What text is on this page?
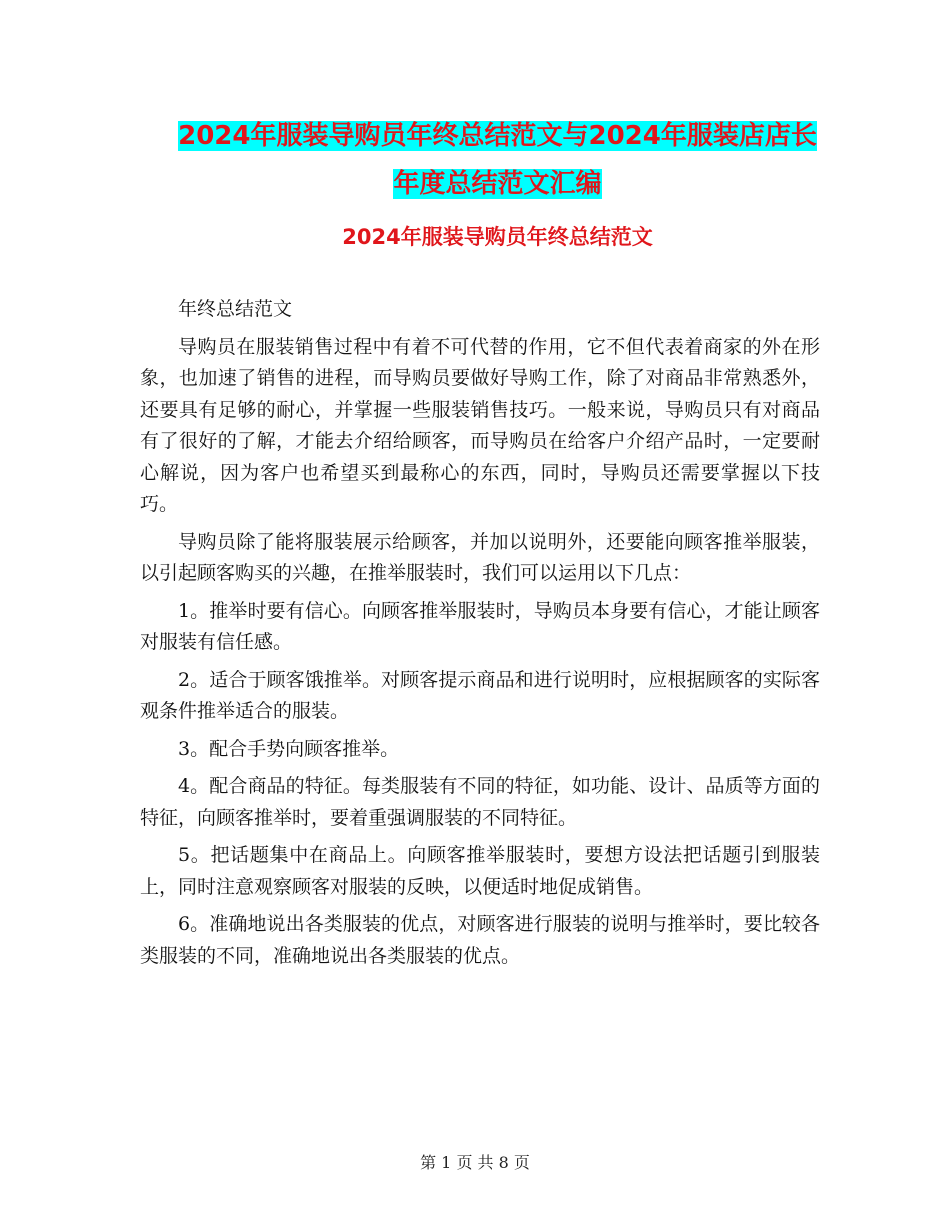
2024年服装导购员年终总结范文与2024年服装店店长
年度总结范文汇编
2024年服装导购员年终总结范文

年终总结范文

导购员在服装销售过程中有着不可代替的作用，它不但代表着商家的外在形象，也加速了销售的进程，而导购员要做好导购工作，除了对商品非常熟悉外，还要具有足够的耐心，并掌握一些服装销售技巧。一般来说，导购员只有对商品有了很好的了解，才能去介绍给顾客，而导购员在给客户介绍产品时，一定要耐心解说，因为客户也希望买到最称心的东西，同时，导购员还需要掌握以下技巧。

导购员除了能将服装展示给顾客，并加以说明外，还要能向顾客推举服装，以引起顾客购买的兴趣，在推举服装时，我们可以运用以下几点：

1。推举时要有信心。向顾客推举服装时，导购员本身要有信心，才能让顾客对服装有信任感。

2。适合于顾客饿推举。对顾客提示商品和进行说明时，应根据顾客的实际客观条件推举适合的服装。

3。配合手势向顾客推举。

4。配合商品的特征。每类服装有不同的特征，如功能、设计、品质等方面的特征，向顾客推举时，要着重强调服装的不同特征。

5。把话题集中在商品上。向顾客推举服装时，要想方设法把话题引到服装上，同时注意观察顾客对服装的反映，以便适时地促成销售。

6。准确地说出各类服装的优点，对顾客进行服装的说明与推举时，要比较各类服装的不同，准确地说出各类服装的优点。

第 1 页 共 8 页
